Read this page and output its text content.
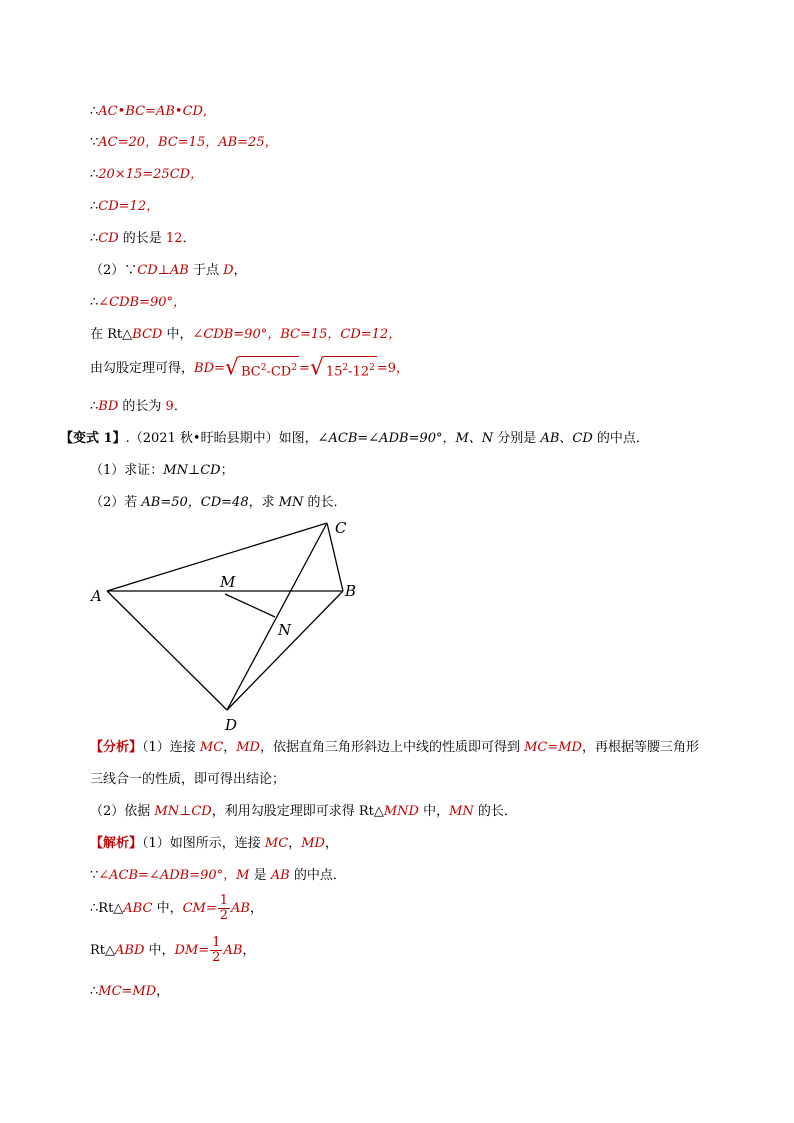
∴AC•BC=AB•CD,
∵AC=20，BC=15，AB=25，
∴20×15=25CD，
∴CD=12，
∴CD 的长是 12．
（2）∵CD⊥AB 于点 D，
∴∠CDB=90°，
在 Rt△BCD 中，∠CDB=90°，BC=15，CD=12，
由勾股定理可得，BD=√ $BC^2-CD^2$ =√ $15^2-12^2 =9$，
∴BD 的长为 9．
【变式 1】.（2021 秋•盱眙县期中）如图，∠ACB=∠ADB=90°，M、N 分别是 AB、CD 的中点．
（1）求证：MN⊥CD；
（2）若 AB=50，CD=48，求 MN 的长．
A	B
C
D
M
N
【分析】（1）连接 MC，MD，依据直角三角形斜边上中线的性质即可得到 MC=MD，再根据等腰三角形
三线合一的性质，即可得出结论；
（2）依据 MN⊥CD，利用勾股定理即可求得 Rt△MND 中，MN 的长．
【解析】（1）如图所示，连接 MC，MD，
∵∠ACB=∠ADB=90°，M 是 AB 的中点．
∴Rt△ABC 中，$CM= \frac{1}{2}$ AB，
Rt△ABD 中，$DM= \frac{1}{2}$ AB，
∴MC=MD，
